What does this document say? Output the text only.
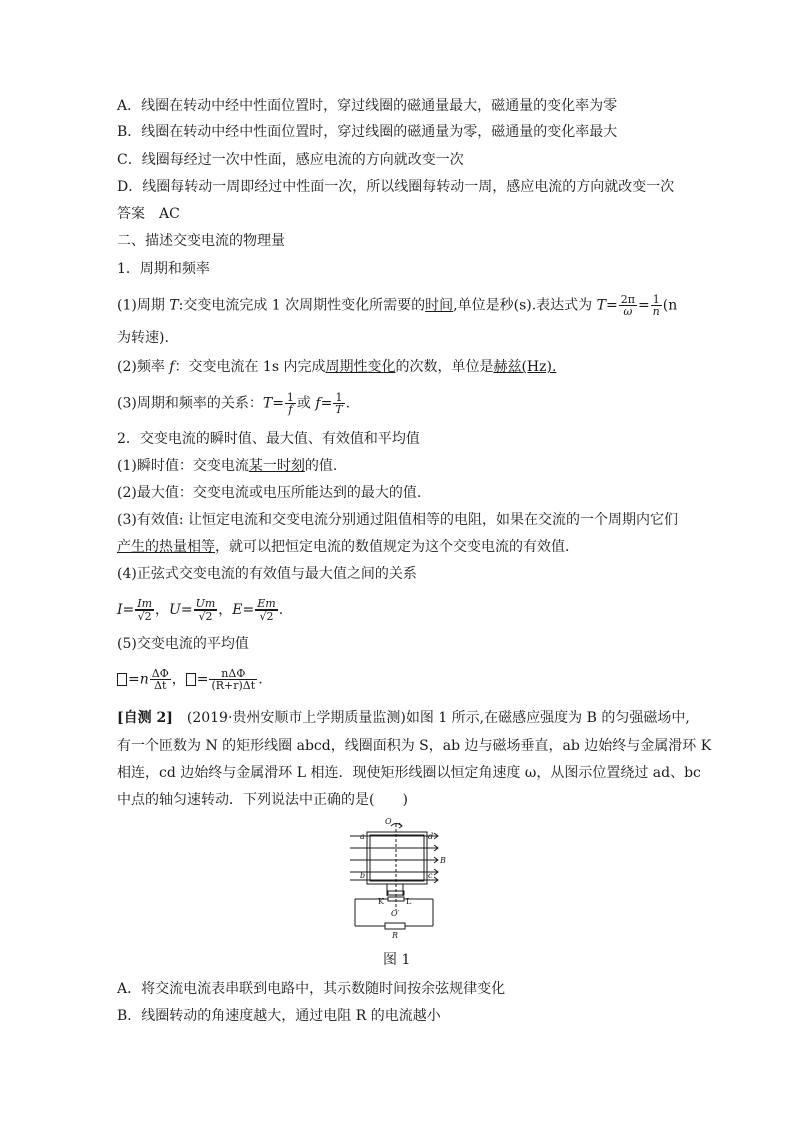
A．线圈在转动中经中性面位置时，穿过线圈的磁通量最大，磁通量的变化率为零
B．线圈在转动中经中性面位置时，穿过线圈的磁通量为零，磁通量的变化率最大
C．线圈每经过一次中性面，感应电流的方向就改变一次
D．线圈每转动一周即经过中性面一次，所以线圈每转动一周，感应电流的方向就改变一次
答案　AC
二、描述交变电流的物理量
1．周期和频率
(1)周期 T:交变电流完成 1 次周期性变化所需要的时间,单位是秒(s).表达式为 $T= \frac{2\pi}{\omega} = \frac{1}{n} (n$
为转速).
(2)频率 f：交变电流在 1s 内完成周期性变化的次数，单位是赫兹(Hz).
(3)周期和频率的关系：$T= \frac{1}{f}$ 或 $f= \frac{1}{T}$ .
2．交变电流的瞬时值、最大值、有效值和平均值
(1)瞬时值：交变电流某一时刻的值.
(2)最大值：交变电流或电压所能达到的最大的值.
(3)有效值: 让恒定电流和交变电流分别通过阻值相等的电阻，如果在交流的一个周期内它们
产生的热量相等，就可以把恒定电流的数值规定为这个交变电流的有效值.
(4)正弦式交变电流的有效值与最大值之间的关系
$I= \frac{Im}{√2}$ ，$U= \frac{Um}{√2}$ ，$E= \frac{Em}{√2}$ .
(5)交变电流的平均值
$=n \frac{\Delta\Phi}{\Delta t}$ ， = $\frac{\text{nΔΦ}}{(R+r)\Delta t}$ .
[自测 2]　(2019·贵州安顺市上学期质量监测)如图 1 所示,在磁感应强度为 B 的匀强磁场中,
有一个匝数为 N 的矩形线圈 abcd，线圈面积为 S，ab 边与磁场垂直，ab 边始终与金属滑环 K
相连，cd 边始终与金属滑环 L 相连．现使矩形线圈以恒定角速度 ω，从图示位置绕过 ad、bc
中点的轴匀速转动．下列说法中正确的是(　　)
O
a	d
B
b	c
K	L
O′
R
图 1
A．将交流电流表串联到电路中，其示数随时间按余弦规律变化
B．线圈转动的角速度越大，通过电阻 R 的电流越小
